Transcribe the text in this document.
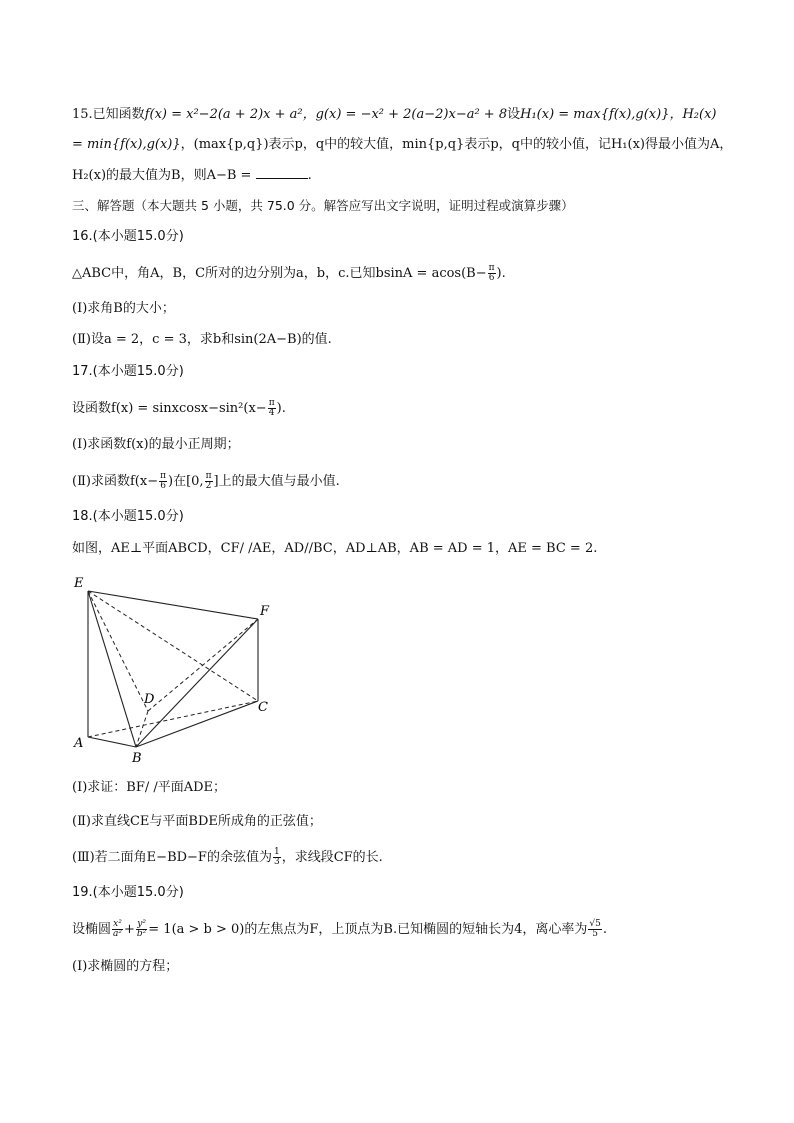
15.已知函数f(x) = x²−2(a + 2)x + a²，g(x) = −x² + 2(a−2)x−a² + 8设H₁(x) = max{f(x),g(x)}，H₂(x)
= min{f(x),g(x)}，(max{p,q})表示p，q中的较大值，min{p,q}表示p，q中的较小值，记H₁(x)得最小值为A，
H₂(x)的最大值为B，则A−B =	.
三、解答题（本大题共 5 小题，共 75.0 分。解答应写出文字说明，证明过程或演算步骤）
16.(本小题15.0分)
△ABC中，角A，B，C所对的边分别为a，b，c.已知$bsinA = acos(B- \frac{\pi}{6}$ ).
(Ⅰ)求角B的大小；
(Ⅱ)设a = 2，c = 3，求b和sin(2A−B)的值.
17.(本小题15.0分)
设函数f(x) = sinxcosx−sin²(x− $\frac{\pi}{4}$ ).
(Ⅰ)求函数f(x)的最小正周期；
(Ⅱ)求函数$f(x- \frac{\pi}{6}$ )在[0, $\frac{\pi}{2}$ ]上的最大值与最小值.
18.(本小题15.0分)
如图，AE⊥平面ABCD，CF/ /AE，AD//BC，AD⊥AB，AB = AD = 1，AE = BC = 2.
E
F
D
C
A
B
(Ⅰ)求证：BF/ /平面ADE；
(Ⅱ)求直线CE与平面BDE所成角的正弦值；
(Ⅲ)若二面角E−BD−F的余弦值为 $\frac{1}{3}$ ，求线段CF的长.
19.(本小题15.0分)
设椭圆 $\frac{\text{x²}}{\text{a²}} + \frac{\text{y²}}{\text{b²}} = 1(a > b > 0)$的左焦点为F，上顶点为B.已知椭圆的短轴长为4，离心率为 $\frac{√5}{5}$ .
(Ⅰ)求椭圆的方程；
